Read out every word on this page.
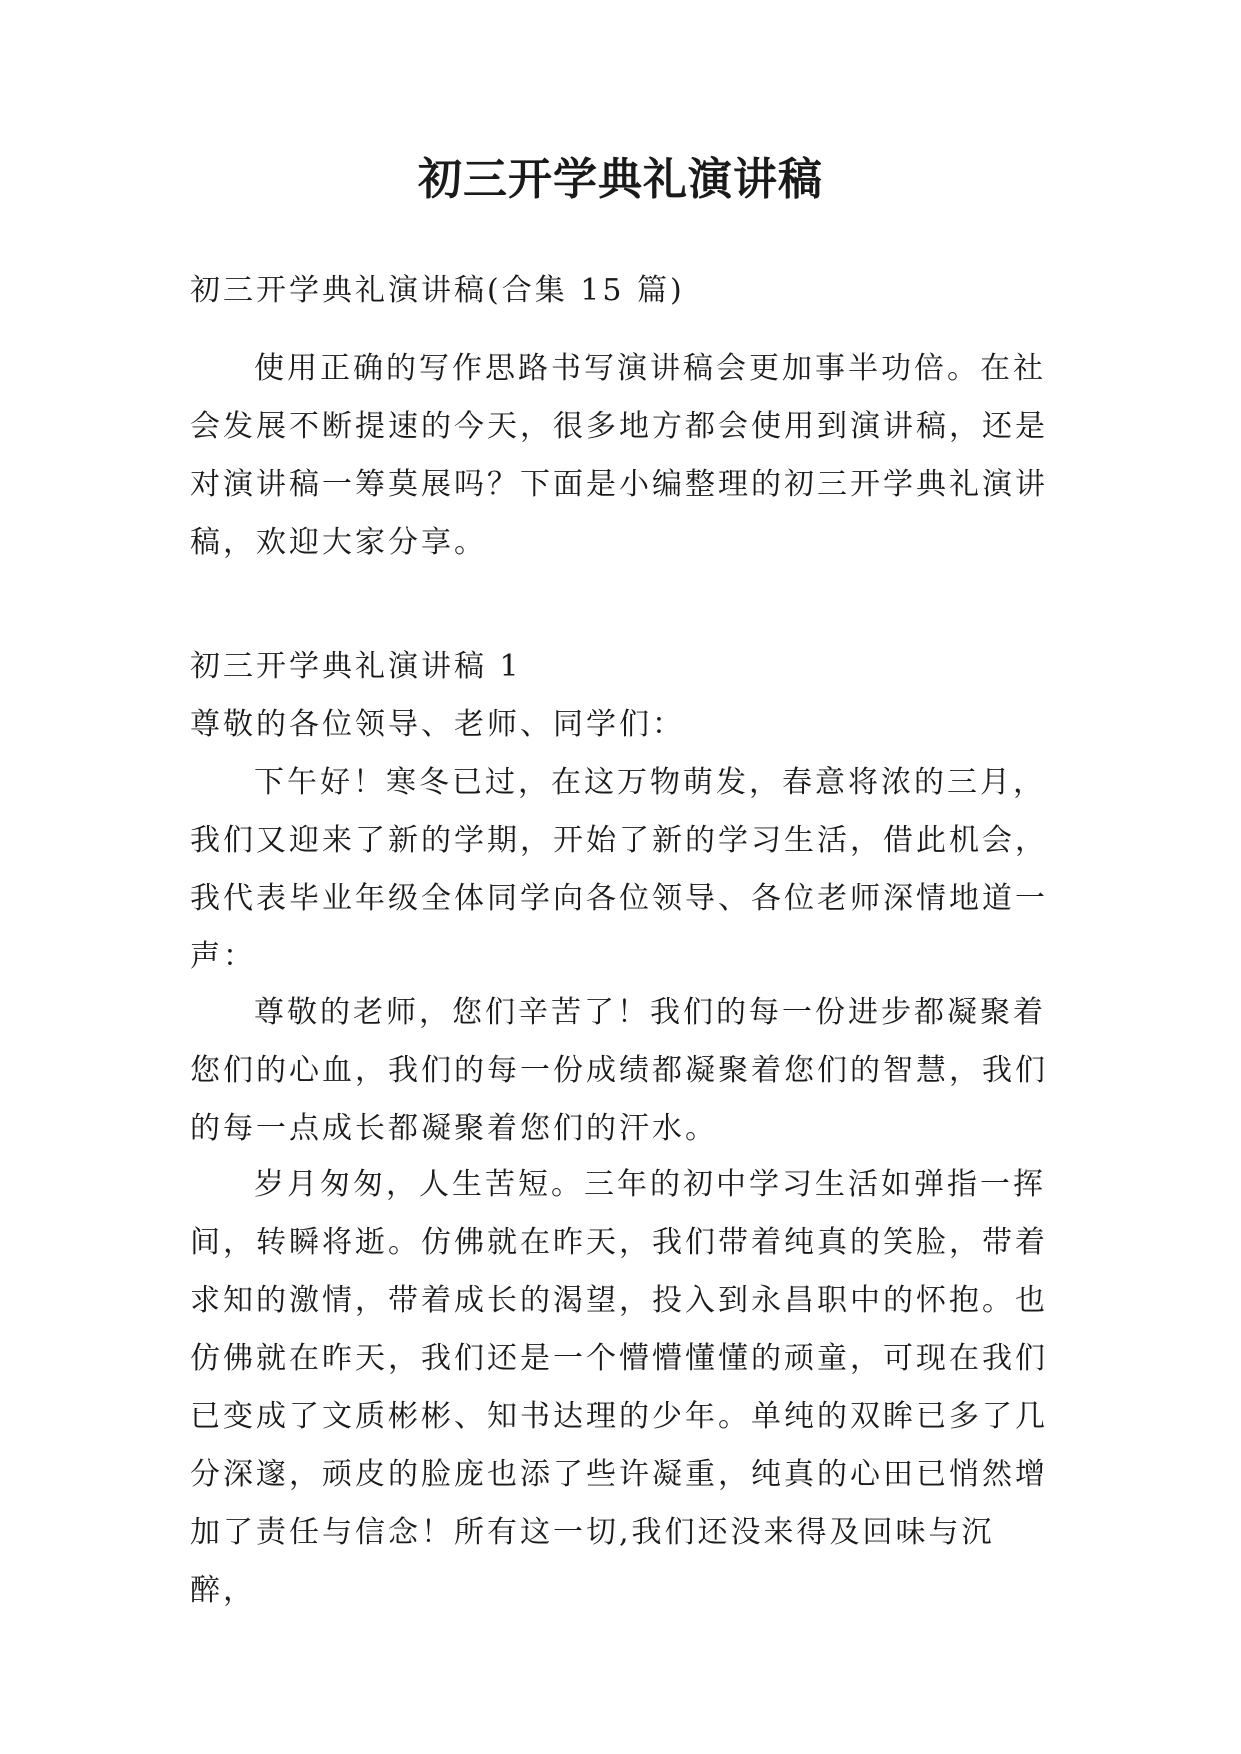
初三开学典礼演讲稿

初三开学典礼演讲稿(合集 15 篇)

使用正确的写作思路书写演讲稿会更加事半功倍。在社会发展不断提速的今天，很多地方都会使用到演讲稿，还是对演讲稿一筹莫展吗？下面是小编整理的初三开学典礼演讲稿，欢迎大家分享。

初三开学典礼演讲稿 1

尊敬的各位领导、老师、同学们：

下午好！寒冬已过，在这万物萌发，春意将浓的三月，我们又迎来了新的学期，开始了新的学习生活，借此机会，我代表毕业年级全体同学向各位领导、各位老师深情地道一声：

尊敬的老师，您们辛苦了！我们的每一份进步都凝聚着您们的心血，我们的每一份成绩都凝聚着您们的智慧，我们的每一点成长都凝聚着您们的汗水。

岁月匆匆，人生苦短。三年的初中学习生活如弹指一挥间，转瞬将逝。仿佛就在昨天，我们带着纯真的笑脸，带着求知的激情，带着成长的渴望，投入到永昌职中的怀抱。也仿佛就在昨天，我们还是一个懵懵懂懂的顽童，可现在我们已变成了文质彬彬、知书达理的少年。单纯的双眸已多了几分深邃，顽皮的脸庞也添了些许凝重，纯真的心田已悄然增加了责任与信念！所有这一切,我们还没来得及回味与沉醉，
